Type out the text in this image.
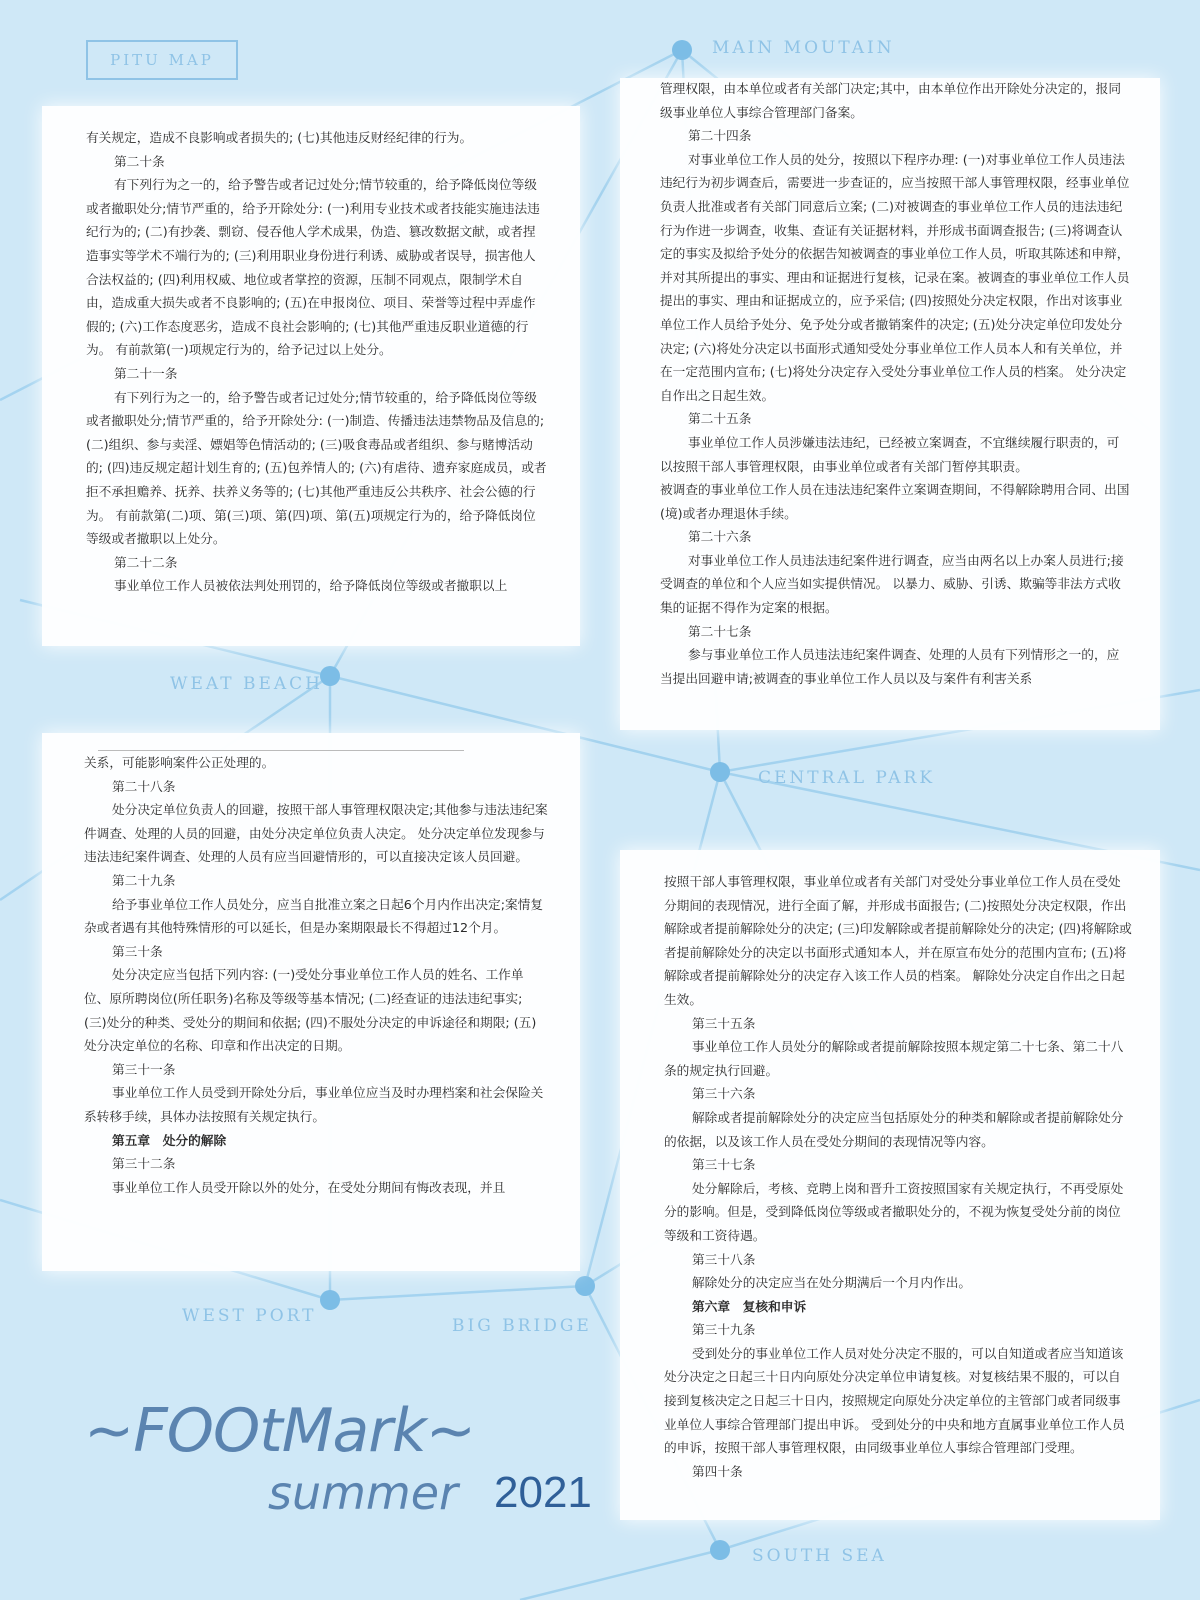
PITU MAP
MAIN MOUTAIN
WEAT BEACH
CENTRAL PARK
WEST PORT	BIG BRIDGE
SOUTH SEA

有关规定，造成不良影响或者损失的; (七)其他违反财经纪律的行为。

第二十条

有下列行为之一的，给予警告或者记过处分;情节较重的，给予降低岗位等级或者撤职处分;情节严重的，给予开除处分: (一)利用专业技术或者技能实施违法违纪行为的; (二)有抄袭、剽窃、侵吞他人学术成果，伪造、篡改数据文献，或者捏造事实等学术不端行为的; (三)利用职业身份进行利诱、威胁或者误导，损害他人合法权益的; (四)利用权威、地位或者掌控的资源，压制不同观点，限制学术自由，造成重大损失或者不良影响的; (五)在申报岗位、项目、荣誉等过程中弄虚作假的; (六)工作态度恶劣，造成不良社会影响的; (七)其他严重违反职业道德的行为。 有前款第(一)项规定行为的，给予记过以上处分。

第二十一条

有下列行为之一的，给予警告或者记过处分;情节较重的，给予降低岗位等级或者撤职处分;情节严重的，给予开除处分: (一)制造、传播违法违禁物品及信息的; (二)组织、参与卖淫、嫖娼等色情活动的; (三)吸食毒品或者组织、参与赌博活动的; (四)违反规定超计划生育的; (五)包养情人的; (六)有虐待、遗弃家庭成员，或者拒不承担赡养、抚养、扶养义务等的; (七)其他严重违反公共秩序、社会公德的行为。 有前款第(二)项、第(三)项、第(四)项、第(五)项规定行为的，给予降低岗位等级或者撤职以上处分。

第二十二条

事业单位工作人员被依法判处刑罚的，给予降低岗位等级或者撤职以上

管理权限，由本单位或者有关部门决定;其中，由本单位作出开除处分决定的，报同级事业单位人事综合管理部门备案。

第二十四条

对事业单位工作人员的处分，按照以下程序办理: (一)对事业单位工作人员违法违纪行为初步调查后，需要进一步查证的，应当按照干部人事管理权限，经事业单位负责人批准或者有关部门同意后立案; (二)对被调查的事业单位工作人员的违法违纪行为作进一步调查，收集、查证有关证据材料，并形成书面调查报告; (三)将调查认定的事实及拟给予处分的依据告知被调查的事业单位工作人员，听取其陈述和申辩，并对其所提出的事实、理由和证据进行复核，记录在案。被调查的事业单位工作人员提出的事实、理由和证据成立的，应予采信; (四)按照处分决定权限，作出对该事业单位工作人员给予处分、免予处分或者撤销案件的决定; (五)处分决定单位印发处分决定; (六)将处分决定以书面形式通知受处分事业单位工作人员本人和有关单位，并在一定范围内宣布; (七)将处分决定存入受处分事业单位工作人员的档案。 处分决定自作出之日起生效。

第二十五条

事业单位工作人员涉嫌违法违纪，已经被立案调查，不宜继续履行职责的，可以按照干部人事管理权限，由事业单位或者有关部门暂停其职责。

被调查的事业单位工作人员在违法违纪案件立案调查期间，不得解除聘用合同、出国(境)或者办理退休手续。

第二十六条

对事业单位工作人员违法违纪案件进行调查，应当由两名以上办案人员进行;接受调查的单位和个人应当如实提供情况。 以暴力、威胁、引诱、欺骗等非法方式收集的证据不得作为定案的根据。

第二十七条

参与事业单位工作人员违法违纪案件调查、处理的人员有下列情形之一的，应当提出回避申请;被调查的事业单位工作人员以及与案件有利害关系

关系，可能影响案件公正处理的。

第二十八条

处分决定单位负责人的回避，按照干部人事管理权限决定;其他参与违法违纪案件调查、处理的人员的回避，由处分决定单位负责人决定。 处分决定单位发现参与违法违纪案件调查、处理的人员有应当回避情形的，可以直接决定该人员回避。

第二十九条

给予事业单位工作人员处分，应当自批准立案之日起6个月内作出决定;案情复杂或者遇有其他特殊情形的可以延长，但是办案期限最长不得超过12个月。

第三十条

处分决定应当包括下列内容: (一)受处分事业单位工作人员的姓名、工作单位、原所聘岗位(所任职务)名称及等级等基本情况; (二)经查证的违法违纪事实; (三)处分的种类、受处分的期间和依据; (四)不服处分决定的申诉途径和期限; (五)处分决定单位的名称、印章和作出决定的日期。

第三十一条

事业单位工作人员受到开除处分后，事业单位应当及时办理档案和社会保险关系转移手续，具体办法按照有关规定执行。

第五章　处分的解除

第三十二条

事业单位工作人员受开除以外的处分，在受处分期间有悔改表现，并且

按照干部人事管理权限，事业单位或者有关部门对受处分事业单位工作人员在受处分期间的表现情况，进行全面了解，并形成书面报告; (二)按照处分决定权限，作出解除或者提前解除处分的决定; (三)印发解除或者提前解除处分的决定; (四)将解除或者提前解除处分的决定以书面形式通知本人，并在原宣布处分的范围内宣布; (五)将解除或者提前解除处分的决定存入该工作人员的档案。 解除处分决定自作出之日起生效。

第三十五条

事业单位工作人员处分的解除或者提前解除按照本规定第二十七条、第二十八条的规定执行回避。

第三十六条

解除或者提前解除处分的决定应当包括原处分的种类和解除或者提前解除处分的依据，以及该工作人员在受处分期间的表现情况等内容。

第三十七条

处分解除后，考核、竞聘上岗和晋升工资按照国家有关规定执行，不再受原处分的影响。但是，受到降低岗位等级或者撤职处分的，不视为恢复受处分前的岗位等级和工资待遇。

第三十八条

解除处分的决定应当在处分期满后一个月内作出。

第六章　复核和申诉

第三十九条

受到处分的事业单位工作人员对处分决定不服的，可以自知道或者应当知道该处分决定之日起三十日内向原处分决定单位申请复核。对复核结果不服的，可以自接到复核决定之日起三十日内，按照规定向原处分决定单位的主管部门或者同级事业单位人事综合管理部门提出申诉。 受到处分的中央和地方直属事业单位工作人员的申诉，按照干部人事管理权限，由同级事业单位人事综合管理部门受理。

第四十条

~FOOtMark~
summer 2021
